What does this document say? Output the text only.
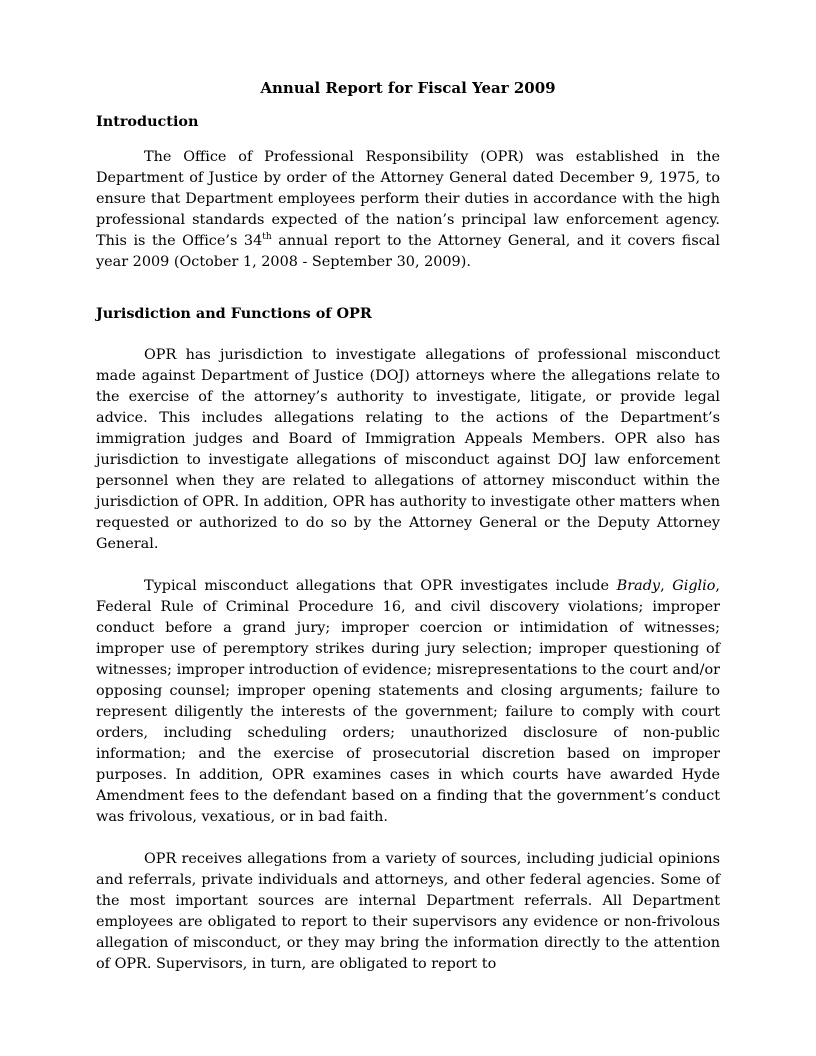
Annual Report for Fiscal Year 2009
Introduction

The Office of Professional Responsibility (OPR) was established in the Department of Justice by order of the Attorney General dated December 9, 1975, to ensure that Department employees perform their duties in accordance with the high professional standards expected of the nation’s principal law enforcement agency. This is the Office’s 34th annual report to the Attorney General, and it covers fiscal year 2009 (October 1, 2008 - September 30, 2009).

Jurisdiction and Functions of OPR

OPR has jurisdiction to investigate allegations of professional misconduct made against Department of Justice (DOJ) attorneys where the allegations relate to the exercise of the attorney’s authority to investigate, litigate, or provide legal advice. This includes allegations relating to the actions of the Department’s immigration judges and Board of Immigration Appeals Members. OPR also has jurisdiction to investigate allegations of misconduct against DOJ law enforcement personnel when they are related to allegations of attorney misconduct within the jurisdiction of OPR. In addition, OPR has authority to investigate other matters when requested or authorized to do so by the Attorney General or the Deputy Attorney General.

Typical misconduct allegations that OPR investigates include Brady, Giglio, Federal Rule of Criminal Procedure 16, and civil discovery violations; improper conduct before a grand jury; improper coercion or intimidation of witnesses; improper use of peremptory strikes during jury selection; improper questioning of witnesses; improper introduction of evidence; misrepresentations to the court and/or opposing counsel; improper opening statements and closing arguments; failure to represent diligently the interests of the government; failure to comply with court orders, including scheduling orders; unauthorized disclosure of non-public information; and the exercise of prosecutorial discretion based on improper purposes. In addition, OPR examines cases in which courts have awarded Hyde Amendment fees to the defendant based on a finding that the government’s conduct was frivolous, vexatious, or in bad faith.

OPR receives allegations from a variety of sources, including judicial opinions and referrals, private individuals and attorneys, and other federal agencies. Some of the most important sources are internal Department referrals. All Department employees are obligated to report to their supervisors any evidence or non-frivolous allegation of misconduct, or they may bring the information directly to the attention of OPR. Supervisors, in turn, are obligated to report to
